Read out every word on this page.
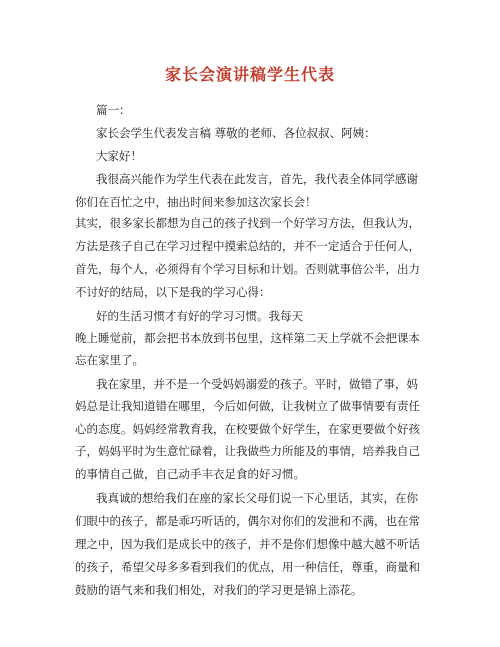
家长会演讲稿学生代表

篇一：

家长会学生代表发言稿 尊敬的老师、各位叔叔、阿姨：

大家好！

我很高兴能作为学生代表在此发言，首先，我代表全体同学感谢

你们在百忙之中，抽出时间来参加这次家长会！

其实，很多家长都想为自己的孩子找到一个好学习方法，但我认为，

方法是孩子自己在学习过程中摸索总结的，并不一定适合于任何人，

首先，每个人，必须得有个学习目标和计划。否则就事倍公半，出力

不讨好的结局，以下是我的学习心得：

好的生活习惯才有好的学习习惯。我每天

晚上睡觉前，都会把书本放到书包里，这样第二天上学就不会把课本

忘在家里了。

我在家里，并不是一个受妈妈溺爱的孩子。平时，做错了事，妈

妈总是让我知道错在哪里，今后如何做，让我树立了做事情要有责任

心的态度。妈妈经常教育我，在校要做个好学生，在家更要做个好孩

子，妈妈平时为生意忙碌着，让我做些力所能及的事情，培养我自己

的事情自己做，自己动手丰衣足食的好习惯。

我真诚的想给我们在座的家长父母们说一下心里话，其实，在你

们眼中的孩子，都是乖巧听话的，偶尔对你们的发泄和不满，也在常

理之中，因为我们是成长中的孩子，并不是你们想像中越大越不听话

的孩子，希望父母多多看到我们的优点，用一种信任，尊重，商量和

鼓励的语气来和我们相处，对我们的学习更是锦上添花。
